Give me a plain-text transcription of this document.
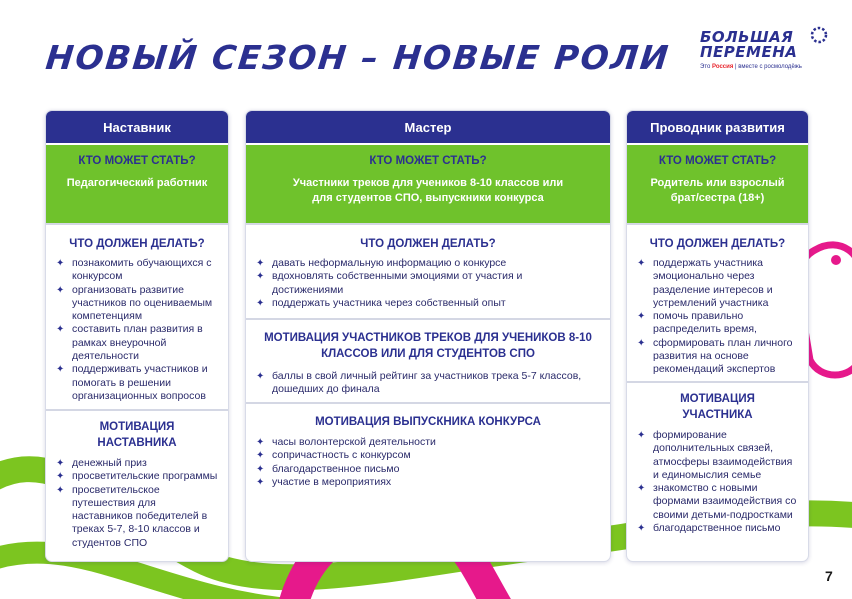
НОВЫЙ СЕЗОН – НОВЫЕ РОЛИ
БОЛЬШАЯ
ПЕРЕМЕНА
Это Россия | вместе с росмолодёжь
Наставник
КТО МОЖЕТ СТАТЬ?
Педагогический работник
ЧТО ДОЛЖЕН ДЕЛАТЬ?
✦ познакомить обучающихся с конкурсом
✦ организовать развитие участников по оцениваемым компетенциям
✦ составить план развития в рамках внеурочной деятельности
✦ поддерживать участников и помогать в решении организационных вопросов
МОТИВАЦИЯ НАСТАВНИКА
✦ денежный приз
✦ просветительские программы
✦ просветительское путешествия для наставников победителей в треках 5-7, 8-10 классов и студентов СПО
Мастер
КТО МОЖЕТ СТАТЬ?
Участники треков для учеников 8-10 классов или для студентов СПО, выпускники конкурса
ЧТО ДОЛЖЕН ДЕЛАТЬ?
✦ давать неформальную информацию о конкурсе
✦ вдохновлять собственными эмоциями от участия и достижениями
✦ поддержать участника через собственный опыт
МОТИВАЦИЯ УЧАСТНИКОВ ТРЕКОВ ДЛЯ УЧЕНИКОВ 8-10 КЛАССОВ ИЛИ ДЛЯ СТУДЕНТОВ СПО
✦ баллы в свой личный рейтинг за участников трека 5-7 классов, дошедших до финала
МОТИВАЦИЯ ВЫПУСКНИКА КОНКУРСА
✦ часы волонтерской деятельности
✦ сопричастность с конкурсом
✦ благодарственное письмо
✦ участие в мероприятиях
Проводник развития
КТО МОЖЕТ СТАТЬ?
Родитель или взрослый брат/сестра (18+)
ЧТО ДОЛЖЕН ДЕЛАТЬ?
✦ поддержать участника эмоционально через разделение интересов и устремлений участника
✦ помочь правильно распределить время,
✦ сформировать план личного развития на основе рекомендаций экспертов
МОТИВАЦИЯ УЧАСТНИКА
✦ формирование дополнительных связей, атмосферы взаимодействия и единомыслия семье
✦ знакомство с новыми формами взаимодействия со своими детьми-подростками
✦ благодарственное письмо
7
